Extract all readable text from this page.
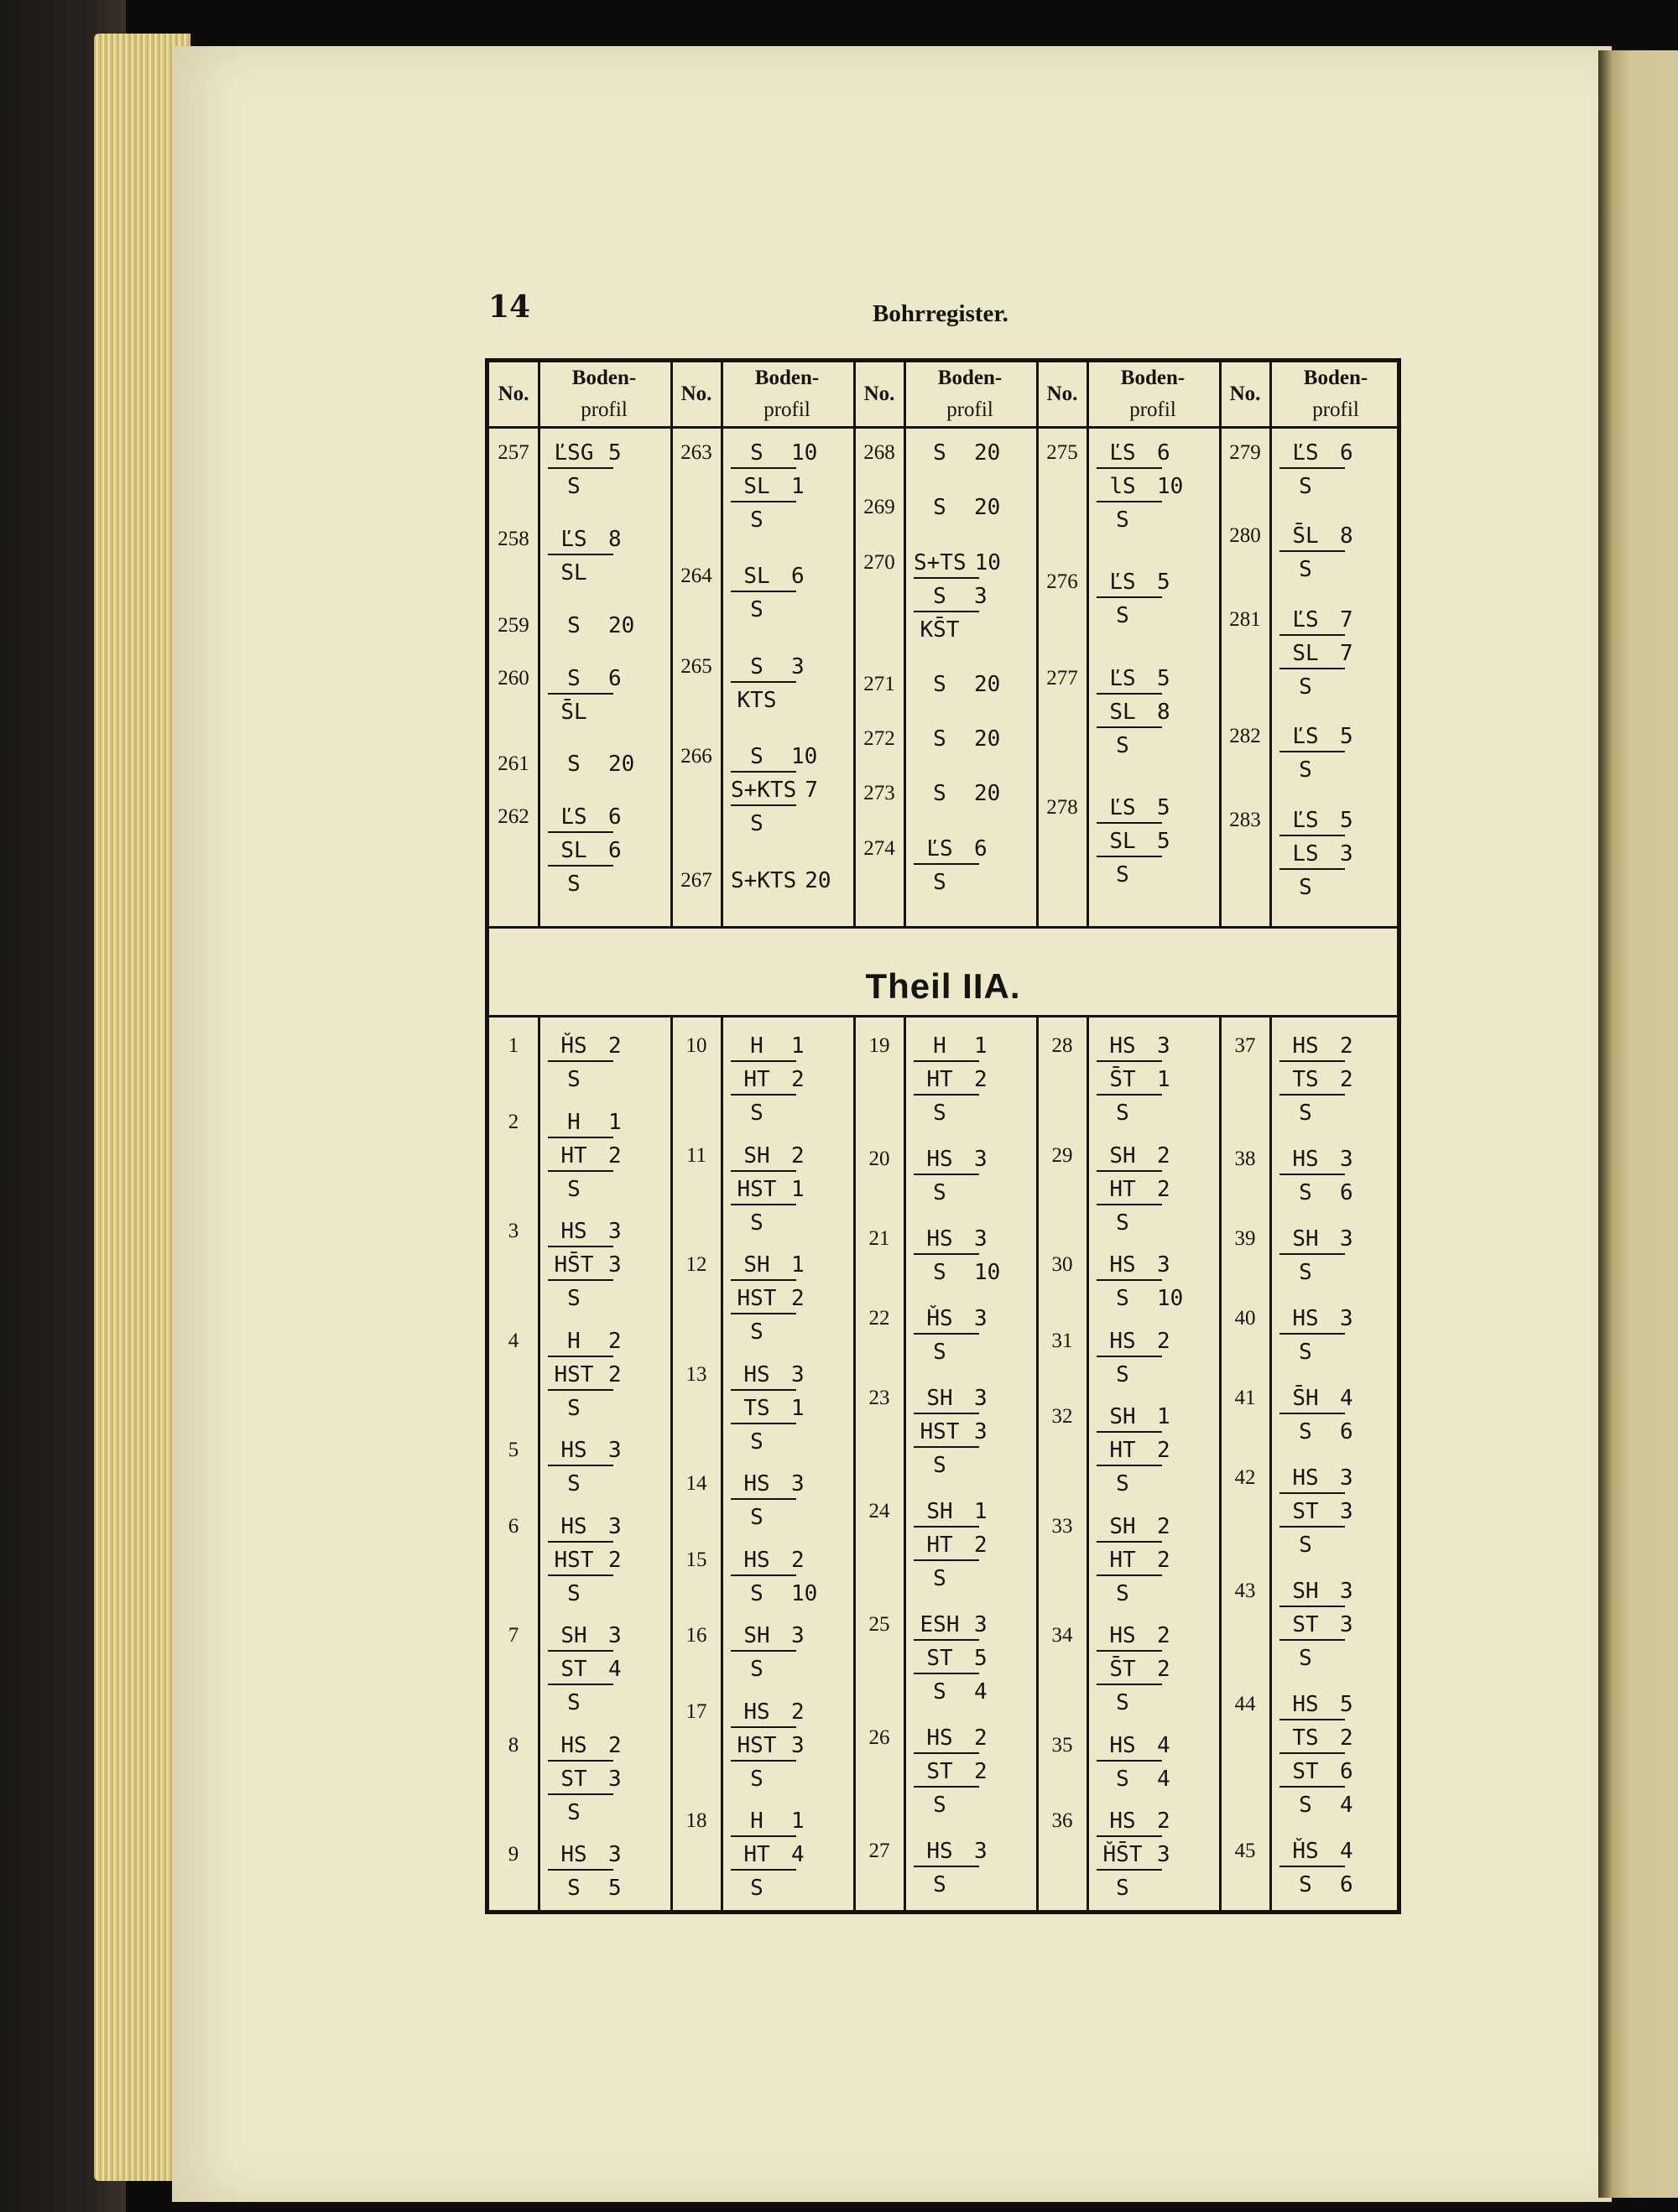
14	Bohrregister.
Theil IIA.
No.
Boden-
profil
No.
Boden-
profil
No.
Boden-
profil
No.
Boden-
profil
No.
Boden-
profil
257	ĽSG 5
S
258	ĽS 8
SL
259	S	20
260	S	6
S̄L
261	S	20
262	ĽS 6
SL 6
S
263	S	10
SL 1
S
264	SL 6
S
265	S	3
KTS
266	S	10
S+KTS 7
S
267 S+KTS 20
268	S	20
269	S	20
270 S+TS 10
S	3
KS̄T
271	S	20
272	S	20
273	S	20
274	ĽS 6
S
275	ĽS 6
lS 10
S
276	ĽS 5
S
277	ĽS 5
SL 8
S
278	ĽS 5
SL 5
S
279	ĽS 6
S
280	S̄L 8
S
281	ĽS 7
SL 7
S
282	ĽS 5
S
283	ĽS 5
LS 3
S
1	ȞS 2
S
2	H	1
HT 2
S
3	HS 3
HS̄T 3
S
4	H	2
HST 2
S
5	HS 3
S
6	HS 3
HST 2
S
7	SH 3
ST 4
S
8	HS 2
ST 3
S
9	HS 3
S	5
10	H	1
HT 2
S
11	SH 2
HST 1
S
12	SH 1
HST 2
S
13	HS 3
TS 1
S
14	HS 3
S
15	HS 2
S	10
16	SH 3
S
17	HS 2
HST 3
S
18	H	1
HT 4
S
19	H	1
HT 2
S
20	HS 3
S
21	HS 3
S	10
22	ȞS 3
S
23	SH 3
HST 3
S
24	SH 1
HT 2
S
25	ESH 3
ST 5
S	4
26	HS 2
ST 2
S
27	HS 3
S
28	HS 3
S̄T 1
S
29	SH 2
HT 2
S
30	HS 3
S	10
31	HS 2
S
32	SH 1
HT 2
S
33	SH 2
HT 2
S
34	HS 2
S̄T 2
S
35	HS 4
S	4
36	HS 2
ȞS̄T 3
S
37	HS 2
TS 2
S
38	HS 3
S	6
39	SH 3
S
40	HS 3
S
41	S̄H 4
S	6
42	HS 3
ST 3
S
43	SH 3
ST 3
S
44	HS 5
TS 2
ST 6
S	4
45	ȞS 4
S	6
